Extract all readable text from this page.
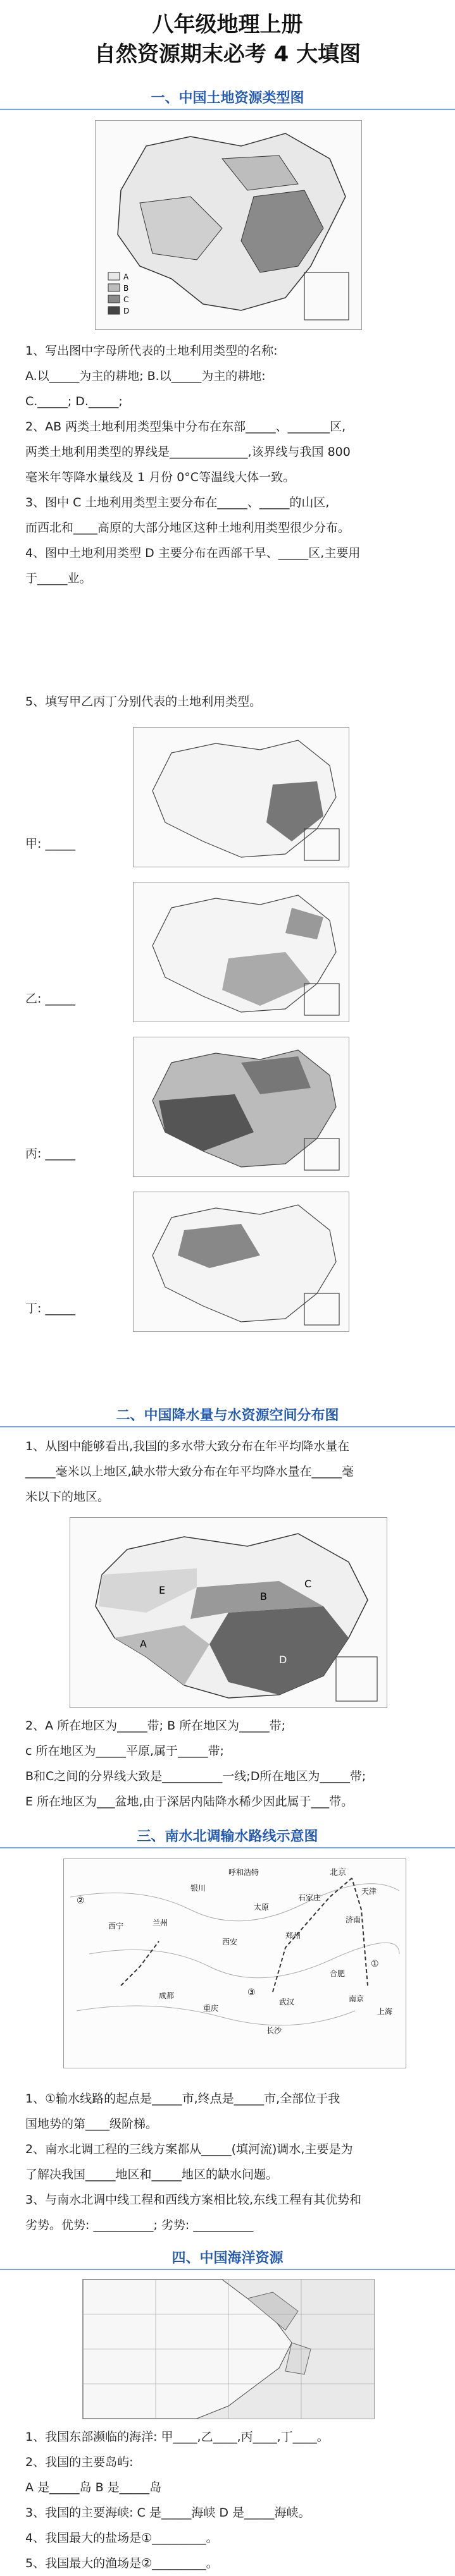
八年级地理上册
自然资源期末必考 4 大填图
一、中国土地资源类型图
A
B
C
D
1、写出图中字母所代表的土地利用类型的名称:
A.以_____为主的耕地; B.以_____为主的耕地:
C._____; D._____;
2、AB 两类土地利用类型集中分布在东部_____、_______区,
两类土地利用类型的界线是_____________,该界线与我国 800
毫米年等降水量线及 1 月份 0°C等温线大体一致。
3、图中 C 土地利用类型主要分布在_____、_____的山区,
而西北和____高原的大部分地区这种土地利用类型很少分布。
4、图中土地利用类型 D 主要分布在西部干旱、_____区,主要用
于_____业。
5、填写甲乙丙丁分别代表的土地利用类型。
甲: _____
乙: _____
丙: _____
丁: _____
二、中国降水量与水资源空间分布图
1、从图中能够看出,我国的多水带大致分布在年平均降水量在
_____毫米以上地区,缺水带大致分布在年平均降水量在_____毫
米以下的地区。
A
B
C
D
E
2、A 所在地区为_____带; B 所在地区为_____带;
c 所在地区为_____平原,属于_____带;
B和C之间的分界线大致是__________一线;D所在地区为_____带;
E 所在地区为___盆地,由于深居内陆降水稀少因此属于___带。
三、南水北调输水路线示意图
北京
天津
银川
兰州
西安
武汉	南京
上海
郑州
石家庄
济南
西宁
成都
重庆
长沙
合肥
太原
呼和浩特
①
②
③
1、①输水线路的起点是_____市,终点是_____市,全部位于我
国地势的第____级阶梯。
2、南水北调工程的三线方案都从_____(填河流)调水,主要是为
了解决我国_____地区和_____地区的缺水问题。
3、与南水北调中线工程和西线方案相比较,东线工程有其优势和
劣势。优势: __________; 劣势: __________
四、中国海洋资源
1、我国东部濒临的海洋: 甲____,乙____,丙____,丁____。
2、我国的主要岛屿:
A 是_____岛 B 是_____岛
3、我国的主要海峡: C 是_____海峡 D 是_____海峡。
4、我国最大的盐场是①_________。
5、我国最大的渔场是②_________。
